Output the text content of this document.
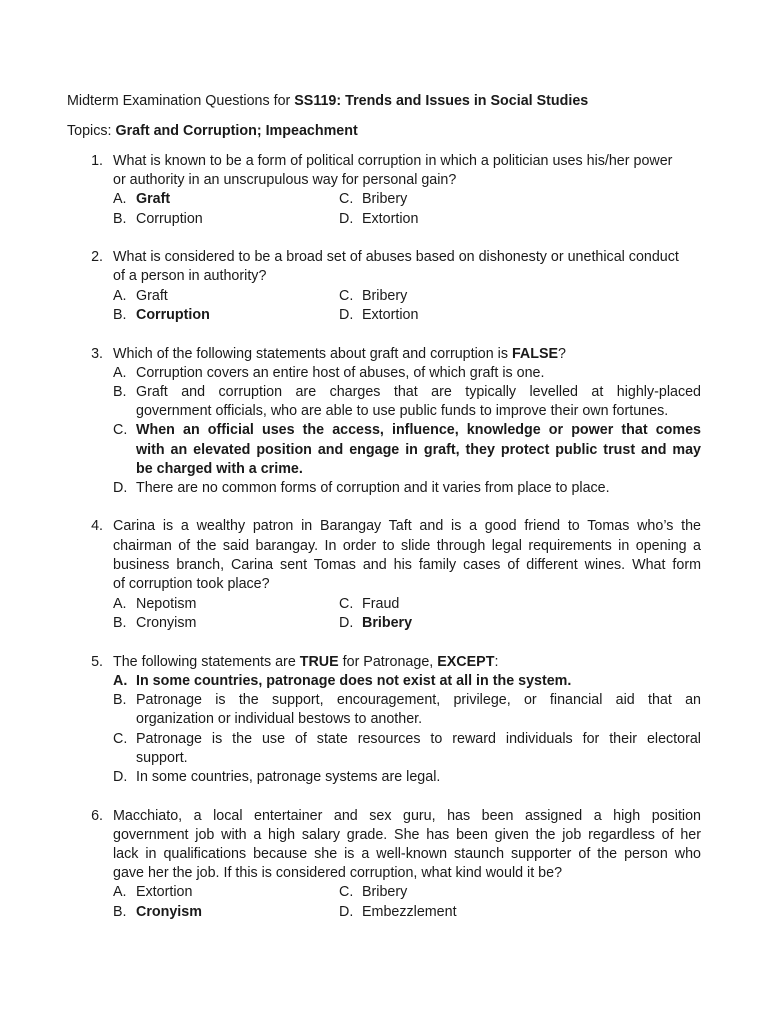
Midterm Examination Questions for SS119: Trends and Issues in Social Studies
Topics: Graft and Corruption; Impeachment
1. What is known to be a form of political corruption in which a politician uses his/her power
or authority in an unscrupulous way for personal gain?
A. Graft
B. Corruption
C. Bribery
D. Extortion
2. What is considered to be a broad set of abuses based on dishonesty or unethical conduct
of a person in authority?
A. Graft
B. Corruption
C. Bribery
D. Extortion
3. Which of the following statements about graft and corruption is FALSE?
A. Corruption covers an entire host of abuses, of which graft is one.
B. Graft and corruption are charges that are typically levelled at highly-placed
government officials, who are able to use public funds to improve their own fortunes.
C. When an official uses the access, influence, knowledge or power that comes
with an elevated position and engage in graft, they protect public trust and may
be charged with a crime.
D. There are no common forms of corruption and it varies from place to place.
4. Carina is a wealthy patron in Barangay Taft and is a good friend to Tomas who’s the
chairman of the said barangay. In order to slide through legal requirements in opening a
business branch, Carina sent Tomas and his family cases of different wines. What form
of corruption took place?
A. Nepotism
B. Cronyism
C. Fraud
D. Bribery
5. The following statements are TRUE for Patronage, EXCEPT:
A. In some countries, patronage does not exist at all in the system.
B. Patronage is the support, encouragement, privilege, or financial aid that an
organization or individual bestows to another.
C. Patronage is the use of state resources to reward individuals for their electoral
support.
D. In some countries, patronage systems are legal.
6. Macchiato, a local entertainer and sex guru, has been assigned a high position
government job with a high salary grade. She has been given the job regardless of her
lack in qualifications because she is a well-known staunch supporter of the person who
gave her the job. If this is considered corruption, what kind would it be?
A. Extortion
B. Cronyism
C. Bribery
D. Embezzlement
